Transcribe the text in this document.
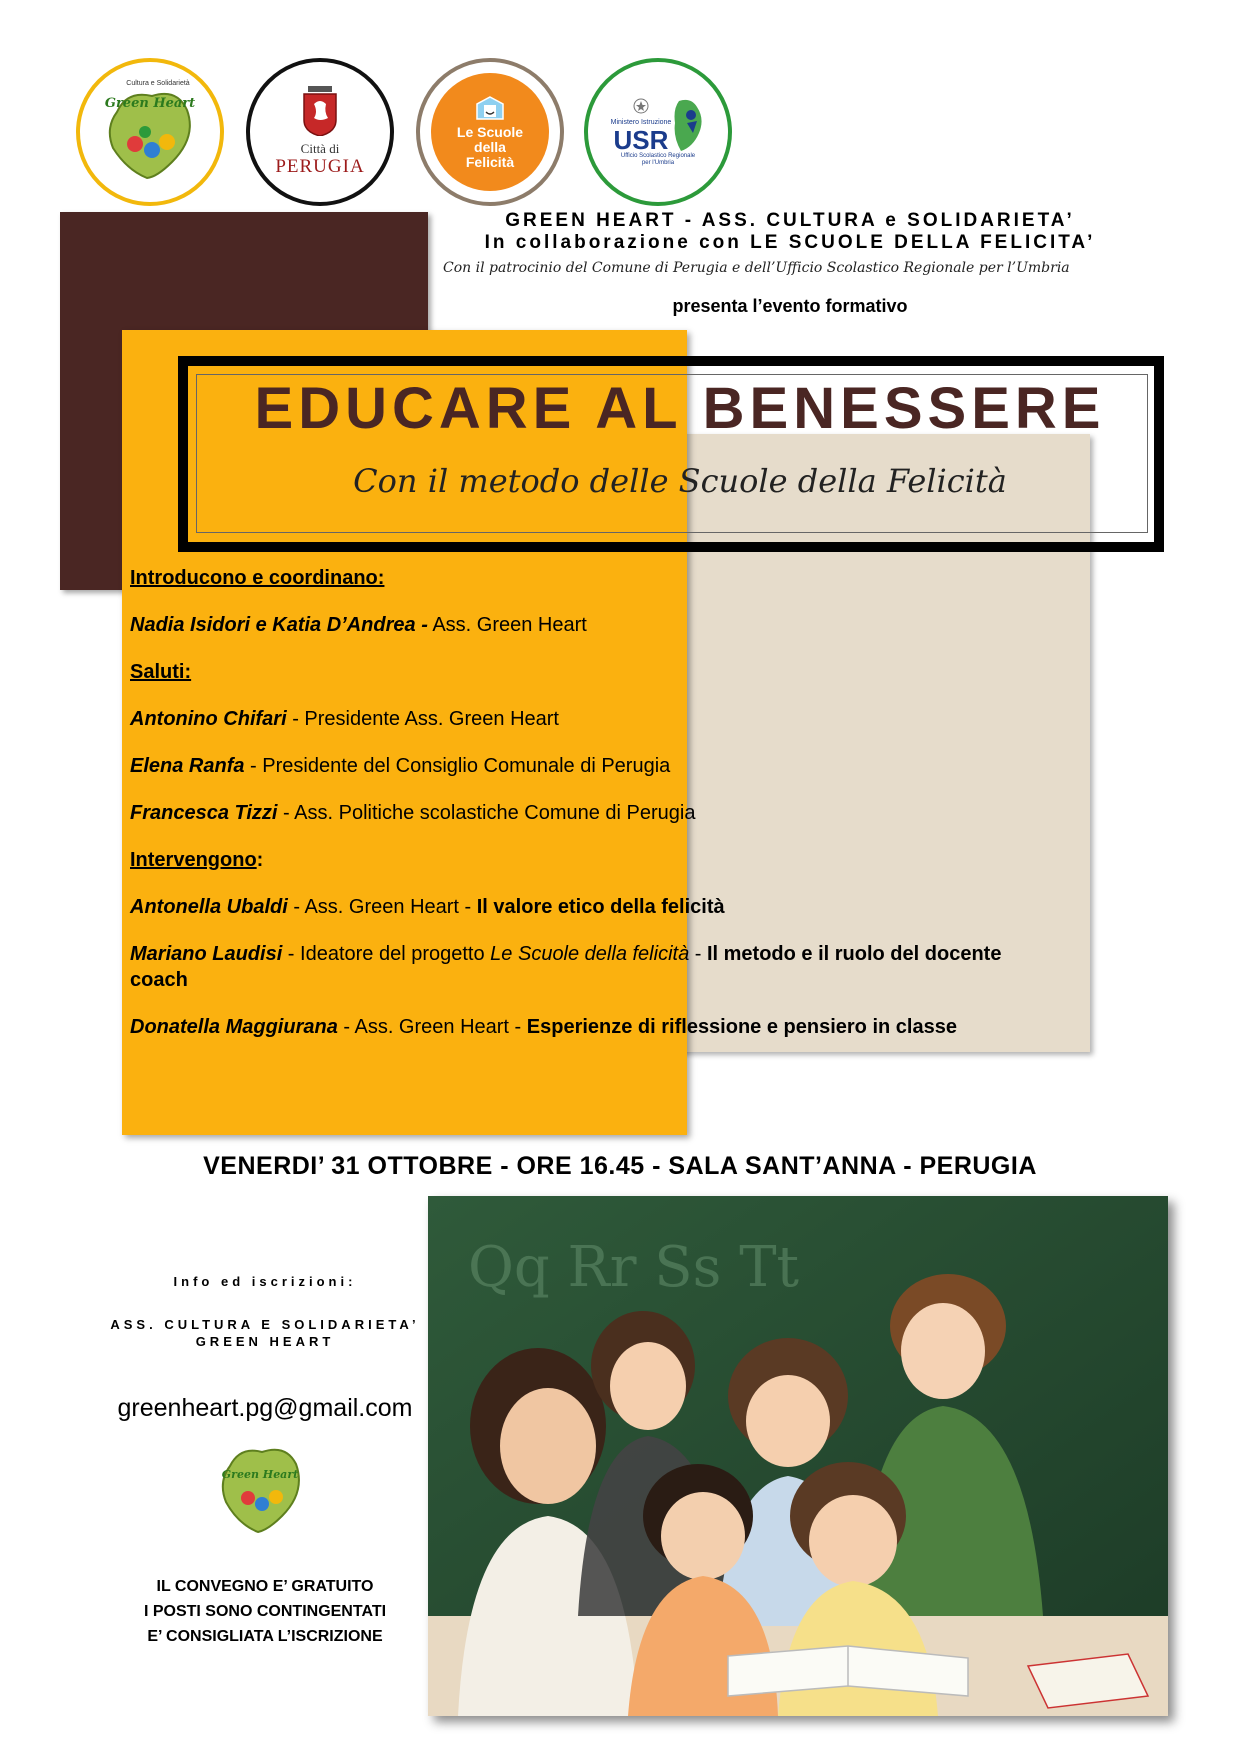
Green Heart
Cultura e Solidarietà
Città di
PERUGIA
Le Scuole
della
Felicità
Ministero Istruzione
USR
Ufficio Scolastico Regionale
per l'Umbria
GREEN HEART - ASS. CULTURA e SOLIDARIETA’
In collaborazione con LE SCUOLE DELLA FELICITA’
Con il patrocinio del Comune di Perugia e dell’Ufficio Scolastico Regionale per l’Umbria
presenta l’evento formativo
EDUCARE AL BENESSERE
Con il metodo delle Scuole della Felicità
Introducono e coordinano:
Nadia Isidori e Katia D’Andrea - Ass. Green Heart
Saluti:
Antonino Chifari - Presidente Ass. Green Heart
Elena Ranfa - Presidente del Consiglio Comunale di Perugia
Francesca Tizzi - Ass. Politiche scolastiche Comune di Perugia
Intervengono:
Antonella Ubaldi - Ass. Green Heart - Il valore etico della felicità
Mariano Laudisi - Ideatore del progetto Le Scuole della felicità - Il metodo e il ruolo del docente coach
Donatella Maggiurana - Ass. Green Heart - Esperienze di riflessione e pensiero in classe
VENERDI’ 31 OTTOBRE - ORE 16.45 - SALA SANT’ANNA - PERUGIA
Info ed iscrizioni:
ASS. CULTURA E SOLIDARIETA’
GREEN HEART
greenheart.pg@gmail.com
Green Heart
IL CONVEGNO E’ GRATUITO
I POSTI SONO CONTINGENTATI
E’ CONSIGLIATA L’ISCRIZIONE
Qq Rr Ss Tt
